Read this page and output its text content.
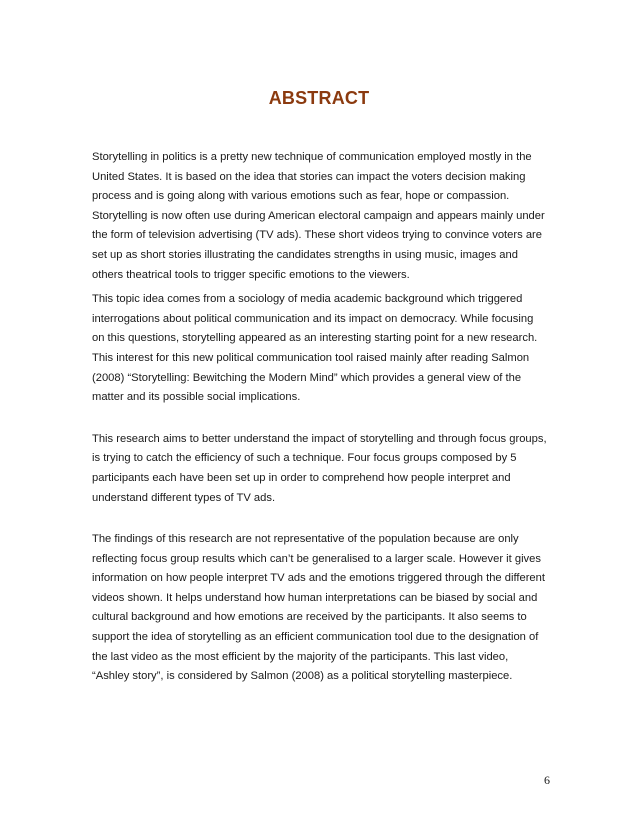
ABSTRACT

Storytelling in politics is a pretty new technique of communication employed mostly in the United States. It is based on the idea that stories can impact the voters decision making process and is going along with various emotions such as fear, hope or compassion. Storytelling is now often use during American electoral campaign and appears mainly under the form of television advertising (TV ads). These short videos trying to convince voters are set up as short stories illustrating the candidates strengths in using music, images and others theatrical tools to trigger specific emotions to the viewers.

This topic idea comes from a sociology of media academic background which triggered interrogations about political communication and its impact on democracy. While focusing on this questions, storytelling appeared as an interesting starting point for a new research. This interest for this new political communication tool raised mainly after reading Salmon (2008) “Storytelling: Bewitching the Modern Mind” which provides a general view of the matter and its possible social implications.

This research aims to better understand the impact of storytelling and through focus groups, is trying to catch the efficiency of such a technique. Four focus groups composed by 5 participants each have been set up in order to comprehend how people interpret and understand different types of TV ads.

The findings of this research are not representative of the population because are only reflecting focus group results which can’t be generalised to a larger scale. However it gives information on how people interpret TV ads and the emotions triggered through the different videos shown. It helps understand how human interpretations can be biased by social and cultural background and how emotions are received by the participants. It also seems to support the idea of storytelling as an efficient communication tool due to the designation of the last video as the most efficient by the majority of the participants. This last video, “Ashley story”, is considered by Salmon (2008) as a political storytelling masterpiece.

6
